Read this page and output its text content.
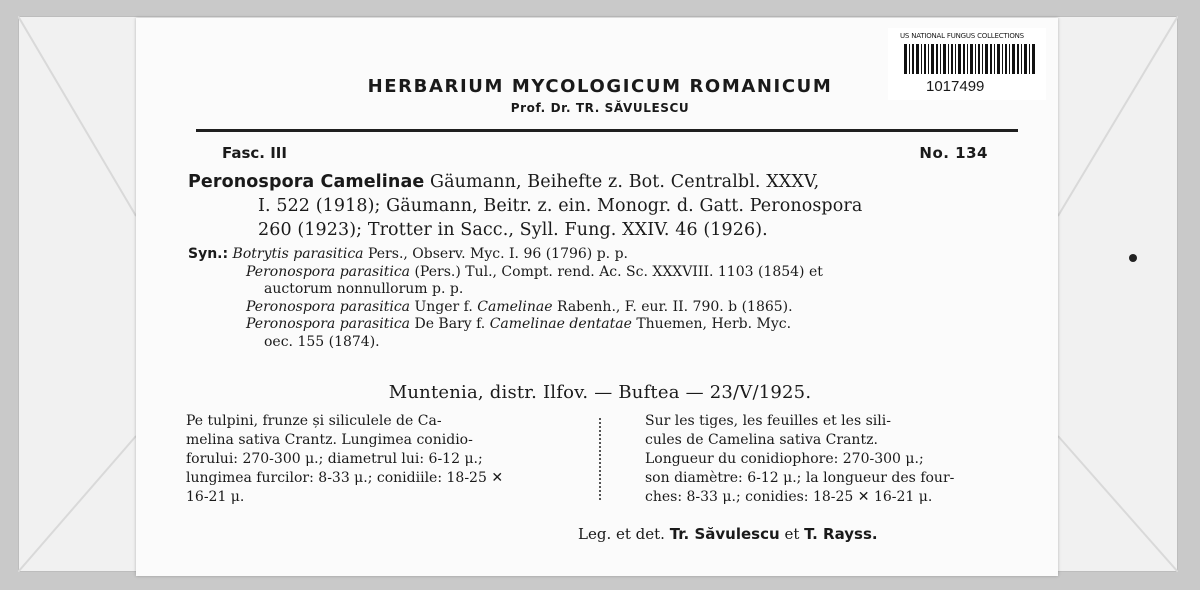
US NATIONAL FUNGUS COLLECTIONS
1017499
HERBARIUM MYCOLOGICUM ROMANICUM
Prof. Dr. TR. SĂVULESCU
Fasc. III	No. 134
Peronospora Camelinae Gäumann, Beihefte z. Bot. Centralbl. XXXV,
I. 522 (1918); Gäumann, Beitr. z. ein. Monogr. d. Gatt. Peronospora
260 (1923); Trotter in Sacc., Syll. Fung. XXIV. 46 (1926).
Syn.: Botrytis parasitica Pers., Observ. Myc. I. 96 (1796) p. p.
Peronospora parasitica (Pers.) Tul., Compt. rend. Ac. Sc. XXXVIII. 1103 (1854) et
auctorum nonnullorum p. p.
Peronospora parasitica Unger f. Camelinae Rabenh., F. eur. II. 790. b (1865).
Peronospora parasitica De Bary f. Camelinae dentatae Thuemen, Herb. Myc.
oec. 155 (1874).
Muntenia, distr. Ilfov. — Buftea — 23/V/1925.
Pe tulpini, frunze și siliculele de Ca-
melina sativa Crantz. Lungimea conidio-
forului: 270-300 μ.; diametrul lui: 6-12 μ.;
lungimea furcilor: 8-33 μ.; conidiile: 18-25 ✕
16-21 μ.
Sur les tiges, les feuilles et les sili-
cules de Camelina sativa Crantz.
Longueur du conidiophore: 270-300 μ.;
son diamètre: 6-12 μ.; la longueur des four-
ches: 8-33 μ.; conidies: 18-25 ✕ 16-21 μ.
Leg. et det. Tr. Săvulescu et T. Rayss.
